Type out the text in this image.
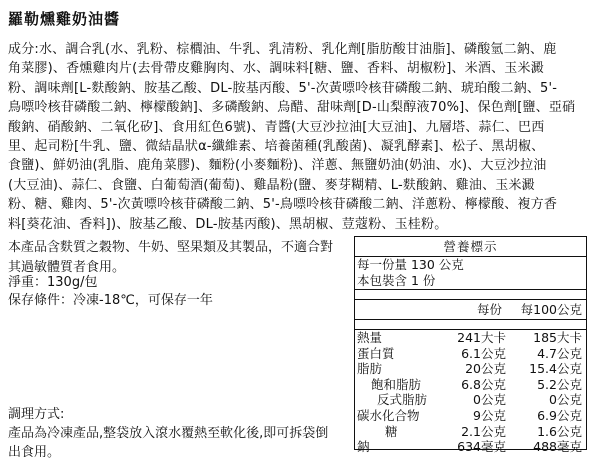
羅勒燻雞奶油醬

成分:水、調合乳(水、乳粉、棕櫚油、牛乳、乳清粉、乳化劑[脂肪酸甘油脂]、磷酸氫二鈉、鹿

角菜膠)、香燻雞肉片(去骨帶皮雞胸肉、水、調味料[糖、鹽、香料、胡椒粉]、米酒、玉米澱

粉、調味劑[L-麩酸鈉、胺基乙酸、DL-胺基丙酸、5'-次黃嘌呤核苷磷酸二鈉、琥珀酸二鈉、5'-

鳥嘌呤核苷磷酸二鈉、檸檬酸鈉]、多磷酸鈉、烏醋、甜味劑[D-山梨醇液70%]、保色劑[鹽、亞硝

酸鈉、硝酸鈉、二氧化矽]、食用紅色6號)、青醬(大豆沙拉油[大豆油]、九層塔、蒜仁、巴西

里、起司粉[牛乳、鹽、微結晶狀α-纖維素、培養菌種(乳酸菌)、凝乳酵素]、松子、黑胡椒、

食鹽)、鮮奶油(乳脂、鹿角菜膠)、麵粉(小麥麵粉)、洋蔥、無鹽奶油(奶油、水)、大豆沙拉油

(大豆油)、蒜仁、食鹽、白葡萄酒(葡萄)、雞晶粉(鹽、麥芽糊精、L-麩酸鈉、雞油、玉米澱

粉、糖、雞肉、5'-次黃嘌呤核苷磷酸二鈉、5'-鳥嘌呤核苷磷酸二鈉、洋蔥粉、檸檬酸、複方香

料[葵花油、香料])、胺基乙酸、DL-胺基丙酸)、黑胡椒、荳蔻粉、玉桂粉。

本產品含麩質之穀物、牛奶、堅果類及其製品，不適合對

其過敏體質者食用。

淨重：130g/包

保存條件：冷凍-18℃，可保存一年

調理方式:

產品為冷凍產品,整袋放入滾水覆熱至軟化後,即可拆袋倒

出食用。

營養標示
每一份量 130 公克
本包裝含 1 份
每份	每100公克
熱量	241大卡	185大卡
蛋白質	6.1公克	4.7公克
脂肪	20公克	15.4公克
飽和脂肪	6.8公克	5.2公克
反式脂肪	0公克	0公克
碳水化合物	9公克	6.9公克
糖	2.1公克	1.6公克
鈉	634毫克	488毫克
